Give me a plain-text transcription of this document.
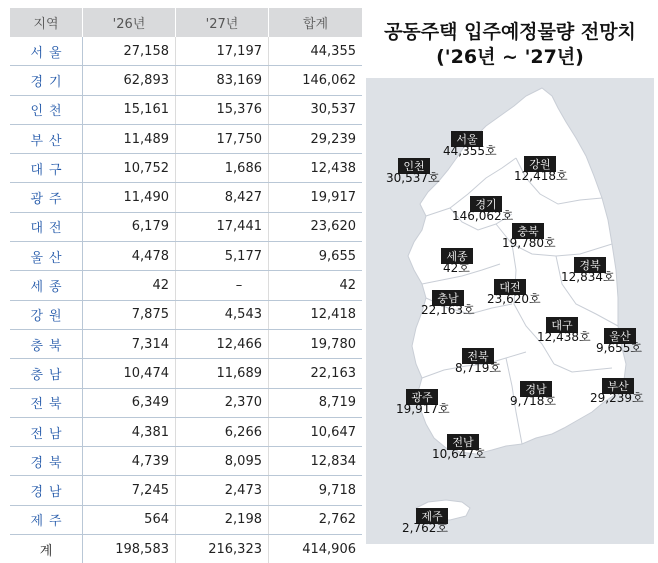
지역	'26년	'27년	합계
서울	27,158	17,197	44,355
경기	62,893	83,169	146,062
인천	15,161	15,376	30,537
부산	11,489	17,750	29,239
대구	10,752	1,686	12,438
광주	11,490	8,427	19,917
대전	6,179	17,441	23,620
울산	4,478	5,177	9,655
세종	42	–	42
강원	7,875	4,543	12,418
충북	7,314	12,466	19,780
충남	10,474	11,689	22,163
전북	6,349	2,370	8,719
전남	4,381	6,266	10,647
경북	4,739	8,095	12,834
경남	7,245	2,473	9,718
제주	564	2,198	2,762
계	198,583	216,323	414,906
서울
44,355호
인천
30,537호
강원
12,418호
경기
146,062호
충북
19,780호
세종
42호	경북
12,834호
충남
22,163호
대전
23,620호
대구
12,438호 울산
9,655호
전북
8,719호
광주
19,917호
경남
9,718호
부산
29,239호
전남
10,647호
제주
2,762호
공동주택 입주예정물량 전망치
('26년 ~ '27년)
